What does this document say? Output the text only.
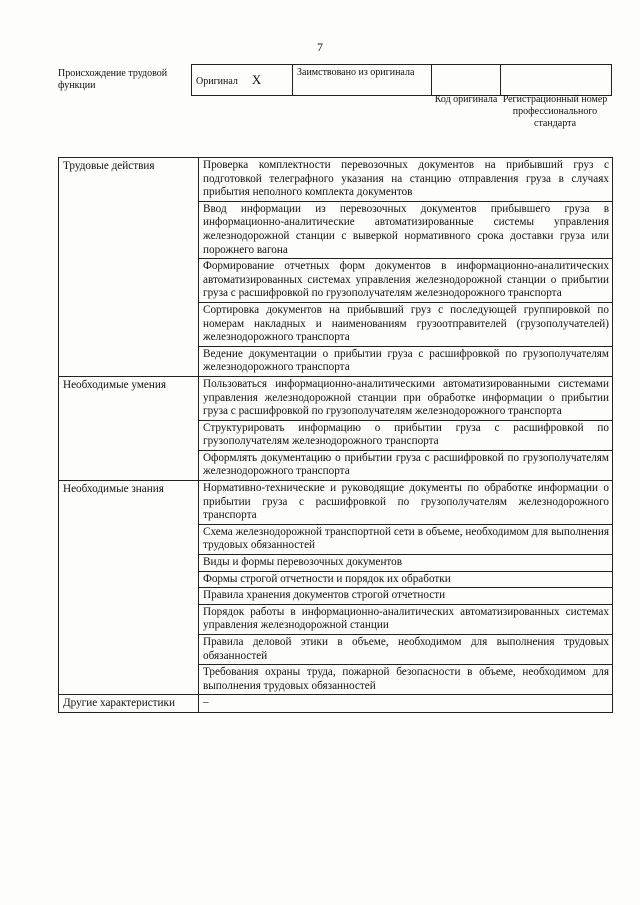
7
Происхождение трудовой функции	Оригинал X	Заимствовано из оригинала		
Код оригинала Регистрационный номер профессионального стандарта
Трудовые действия	Проверка комплектности перевозочных документов на прибывший груз с подготовкой телеграфного указания на станцию отправления груза в случаях прибытия неполного комплекта документов
	Ввод информации из перевозочных документов прибывшего груза в информационно-аналитические автоматизированные системы управления железнодорожной станции с выверкой нормативного срока доставки груза или порожнего вагона
	Формирование отчетных форм документов в информационно-аналитических автоматизированных системах управления железнодорожной станции о прибытии груза с расшифровкой по грузополучателям железнодорожного транспорта
	Сортировка документов на прибывший груз с последующей группировкой по номерам накладных и наименованиям грузоотправителей (грузополучателей) железнодорожного транспорта
	Ведение документации о прибытии груза с расшифровкой по грузополучателям железнодорожного транспорта
Необходимые умения	Пользоваться информационно-аналитическими автоматизированными системами управления железнодорожной станции при обработке информации о прибытии груза с расшифровкой по грузополучателям железнодорожного транспорта
	Структурировать информацию о прибытии груза с расшифровкой по грузополучателям железнодорожного транспорта
	Оформлять документацию о прибытии груза с расшифровкой по грузополучателям железнодорожного транспорта
Необходимые знания	Нормативно-технические и руководящие документы по обработке информации о прибытии груза с расшифровкой по грузополучателям железнодорожного транспорта
	Схема железнодорожной транспортной сети в объеме, необходимом для выполнения трудовых обязанностей
	Виды и формы перевозочных документов
	Формы строгой отчетности и порядок их обработки
	Правила хранения документов строгой отчетности
	Порядок работы в информационно-аналитических автоматизированных системах управления железнодорожной станции
	Правила деловой этики в объеме, необходимом для выполнения трудовых обязанностей
	Требования охраны труда, пожарной безопасности в объеме, необходимом для выполнения трудовых обязанностей
Другие характеристики	–
